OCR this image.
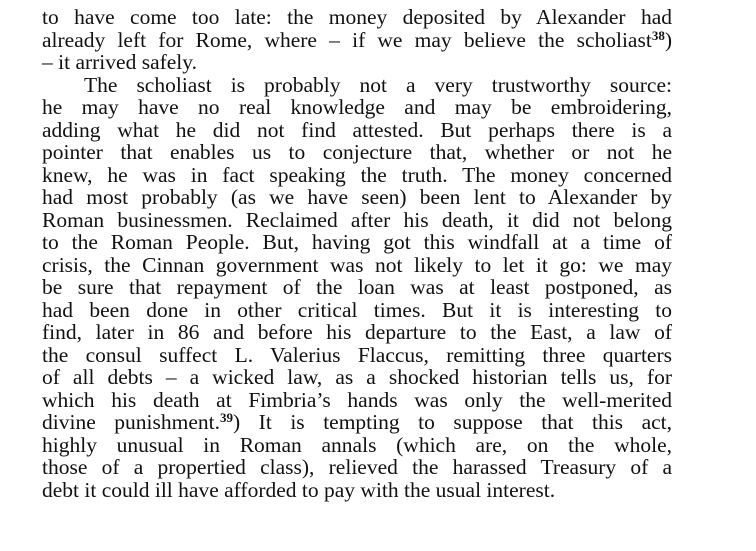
to have come too late: the money deposited by Alexander had
already left for Rome, where – if we may believe the scholiast$^{38}$)
– it arrived safely.
The scholiast is probably not a very trustworthy source:
he may have no real knowledge and may be embroidering,
adding what he did not find attested. But perhaps there is a
pointer that enables us to conjecture that, whether or not he
knew, he was in fact speaking the truth. The money concerned
had most probably (as we have seen) been lent to Alexander by
Roman businessmen. Reclaimed after his death, it did not belong
to the Roman People. But, having got this windfall at a time of
crisis, the Cinnan government was not likely to let it go: we may
be sure that repayment of the loan was at least postponed, as
had been done in other critical times. But it is interesting to
find, later in 86 and before his departure to the East, a law of
the consul suffect L. Valerius Flaccus, remitting three quarters
of all debts – a wicked law, as a shocked historian tells us, for
which his death at Fimbria’s hands was only the well-merited
divine punishment.$^{39}$) It is tempting to suppose that this act,
highly unusual in Roman annals (which are, on the whole,
those of a propertied class), relieved the harassed Treasury of a
debt it could ill have afforded to pay with the usual interest.
